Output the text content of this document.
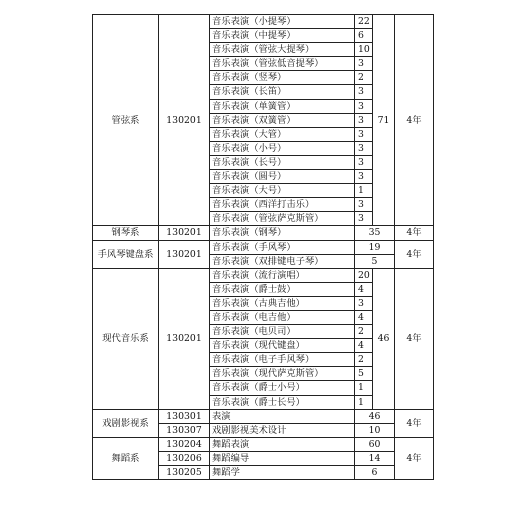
管弦系	130201	音乐表演（小提琴）	22	71	4年
		音乐表演（中提琴）	6		
		音乐表演（管弦大提琴）	10		
		音乐表演（管弦低音提琴）	3		
		音乐表演（竖琴）	2		
		音乐表演（长笛）	3		
		音乐表演（单簧管）	3		
		音乐表演（双簧管）	3		
		音乐表演（大管）	3		
		音乐表演（小号）	3		
		音乐表演（长号）	3		
		音乐表演（圆号）	3		
		音乐表演（大号）	1		
		音乐表演（西洋打击乐）	3		
		音乐表演（管弦萨克斯管）	3		
钢琴系	130201	音乐表演（钢琴）	35		4年
手风琴键盘系	130201	音乐表演（手风琴）	19		4年
		音乐表演（双排键电子琴）	5		
现代音乐系	130201	音乐表演（流行演唱）	20	46	4年
		音乐表演（爵士鼓）	4		
		音乐表演（古典吉他）	3		
		音乐表演（电吉他）	4		
		音乐表演（电贝司）	2		
		音乐表演（现代键盘）	4		
		音乐表演（电子手风琴）	2		
		音乐表演（现代萨克斯管）	5		
		音乐表演（爵士小号）	1		
		音乐表演（爵士长号）	1		
戏剧影视系	130301	表演	46		4年
	130307	戏剧影视美术设计	10		
舞蹈系	130204	舞蹈表演	60		4年
	130206	舞蹈编导	14		
	130205	舞蹈学	6		
